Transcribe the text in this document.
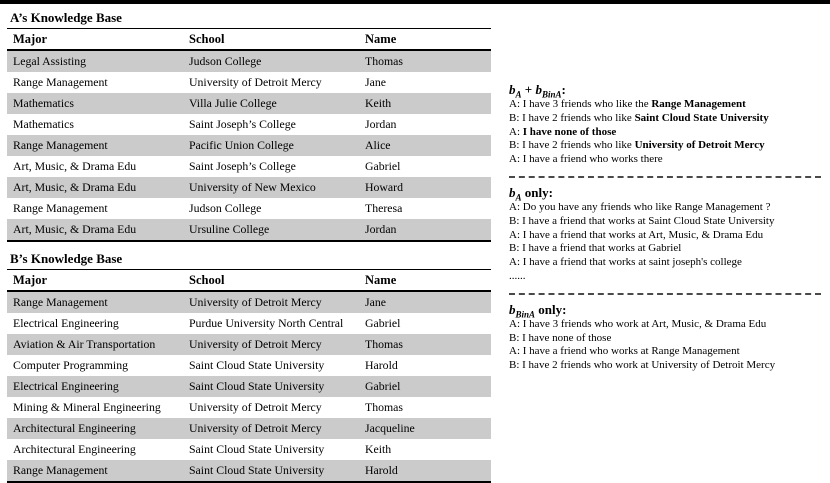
A’s Knowledge Base
Major	School	Name
Legal Assisting	Judson College	Thomas
Range Management	University of Detroit Mercy	Jane
Mathematics	Villa Julie College	Keith
Mathematics	Saint Joseph’s College	Jordan
Range Management	Pacific Union College	Alice
Art, Music, & Drama Edu	Saint Joseph’s College	Gabriel
Art, Music, & Drama Edu	University of New Mexico	Howard
Range Management	Judson College	Theresa
Art, Music, & Drama Edu	Ursuline College	Jordan
B’s Knowledge Base
Major	School	Name
Range Management	University of Detroit Mercy	Jane
Electrical Engineering	Purdue University North Central	Gabriel
Aviation & Air Transportation	University of Detroit Mercy	Thomas
Computer Programming	Saint Cloud State University	Harold
Electrical Engineering	Saint Cloud State University	Gabriel
Mining & Mineral Engineering	University of Detroit Mercy	Thomas
Architectural Engineering	University of Detroit Mercy	Jacqueline
Architectural Engineering	Saint Cloud State University	Keith
Range Management	Saint Cloud State University	Harold
$b_A + b_{BinA}$:
A: I have 3 friends who like the Range Management
B: I have 2 friends who like Saint Cloud State University
A: I have none of those
B: I have 2 friends who like University of Detroit Mercy
A: I have a friend who works there
$b_A$ only:
A: Do you have any friends who like Range Management ?
B: I have a friend that works at Saint Cloud State University
A: I have a friend that works at Art, Music, & Drama Edu
B: I have a friend that works at Gabriel
A: I have a friend that works at saint joseph's college
......
$b_{BinA}$ only:
A: I have 3 friends who work at Art, Music, & Drama Edu
B: I have none of those
A: I have a friend who works at Range Management
B: I have 2 friends who work at University of Detroit Mercy
